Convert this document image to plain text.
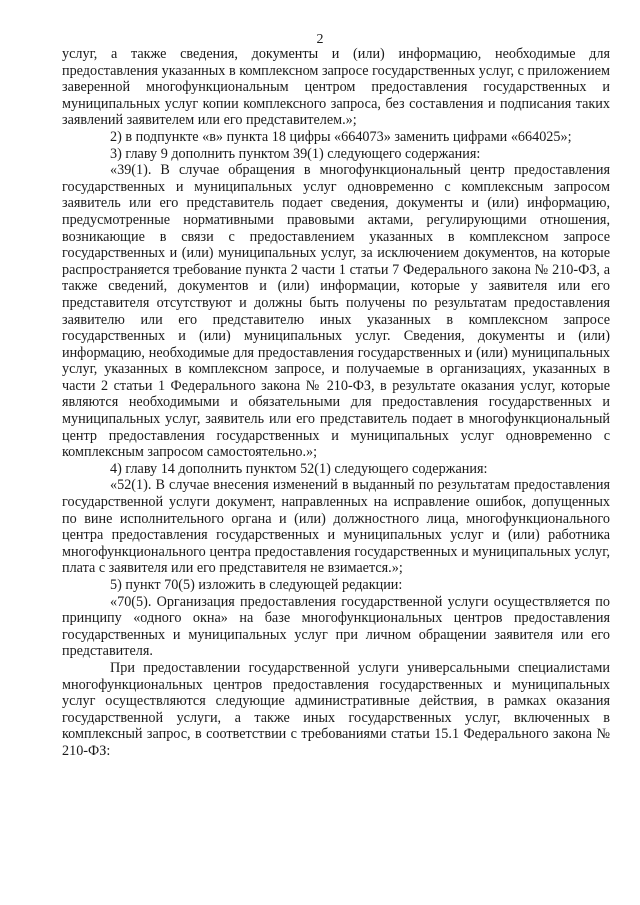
2

услуг, а также сведения, документы и (или) информацию, необходимые для предоставления указанных в комплексном запросе государственных услуг, с приложением заверенной многофункциональным центром предоставления государственных и муниципальных услуг копии комплексного запроса, без составления и подписания таких заявлений заявителем или его представителем.»;

2) в подпункте «в» пункта 18 цифры «664073» заменить цифрами «664025»;

3) главу 9 дополнить пунктом 39(1) следующего содержания:

«39(1). В случае обращения в многофункциональный центр предоставления государственных и муниципальных услуг одновременно с комплексным запросом заявитель или его представитель подает сведения, документы и (или) информацию, предусмотренные нормативными правовыми актами, регулирующими отношения, возникающие в связи с предоставлением указанных в комплексном запросе государственных и (или) муниципальных услуг, за исключением документов, на которые распространяется требование пункта 2 части 1 статьи 7 Федерального закона № 210-ФЗ, а также сведений, документов и (или) информации, которые у заявителя или его представителя отсутствуют и должны быть получены по результатам предоставления заявителю или его представителю иных указанных в комплексном запросе государственных и (или) муниципальных услуг. Сведения, документы и (или) информацию, необходимые для предоставления государственных и (или) муниципальных услуг, указанных в комплексном запросе, и получаемые в организациях, указанных в части 2 статьи 1 Федерального закона № 210-ФЗ, в результате оказания услуг, которые являются необходимыми и обязательными для предоставления государственных и муниципальных услуг, заявитель или его представитель подает в многофункциональный центр предоставления государственных и муниципальных услуг одновременно с комплексным запросом самостоятельно.»;

4) главу 14 дополнить пунктом 52(1) следующего содержания:

«52(1). В случае внесения изменений в выданный по результатам предоставления государственной услуги документ, направленных на исправление ошибок, допущенных по вине исполнительного органа и (или) должностного лица, многофункционального центра предоставления государственных и муниципальных услуг и (или) работника многофункционального центра предоставления государственных и муниципальных услуг, плата с заявителя или его представителя не взимается.»;

5) пункт 70(5) изложить в следующей редакции:

«70(5). Организация предоставления государственной услуги осуществляется по принципу «одного окна» на базе многофункциональных центров предоставления государственных и муниципальных услуг при личном обращении заявителя или его представителя.

При предоставлении государственной услуги универсальными специалистами многофункциональных центров предоставления государственных и муниципальных услуг осуществляются следующие административные действия, в рамках оказания государственной услуги, а также иных государственных услуг, включенных в комплексный запрос, в соответствии с требованиями статьи 15.1 Федерального закона № 210-ФЗ:
